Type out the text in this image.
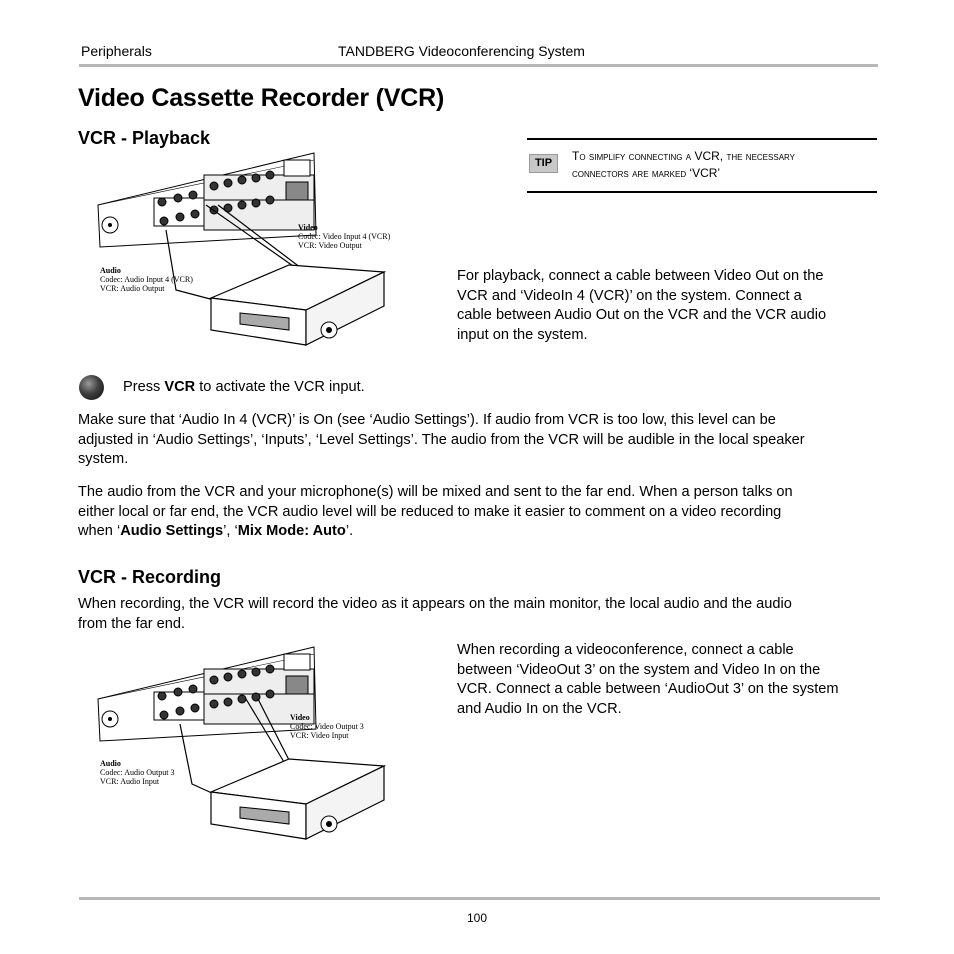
Peripherals	TANDBERG Videoconferencing System
Video Cassette Recorder (VCR)
VCR - Playback
TIP	To simplify connecting a VCR, the necessary
connectors are marked ‘VCR’
Video
Codec: Video Input 4 (VCR)
VCR: Video Output
Audio
Codec: Audio Input 4 (VCR)
VCR: Audio Output

For playback, connect a cable between Video Out on the
VCR and ‘VideoIn 4 (VCR)’ on the system. Connect a
cable between Audio Out on the VCR and the VCR audio
input on the system.

Press VCR to activate the VCR input.

Make sure that ‘Audio In 4 (VCR)’ is On (see ‘Audio Settings’). If audio from VCR is too low, this level can be
adjusted in ‘Audio Settings’, ‘Inputs’, ‘Level Settings’. The audio from the VCR will be audible in the local speaker
system.

The audio from the VCR and your microphone(s) will be mixed and sent to the far end. When a person talks on
either local or far end, the VCR audio level will be reduced to make it easier to comment on a video recording
when ‘Audio Settings’, ‘Mix Mode: Auto’.

VCR - Recording

When recording, the VCR will record the video as it appears on the main monitor, the local audio and the audio
from the far end.

Video
Codec: Video Output 3
VCR: Video Input
Audio
Codec: Audio Output 3
VCR: Audio Input

When recording a videoconference, connect a cable
between ‘VideoOut 3’ on the system and Video In on the
VCR. Connect a cable between ‘AudioOut 3’ on the system
and Audio In on the VCR.

100
